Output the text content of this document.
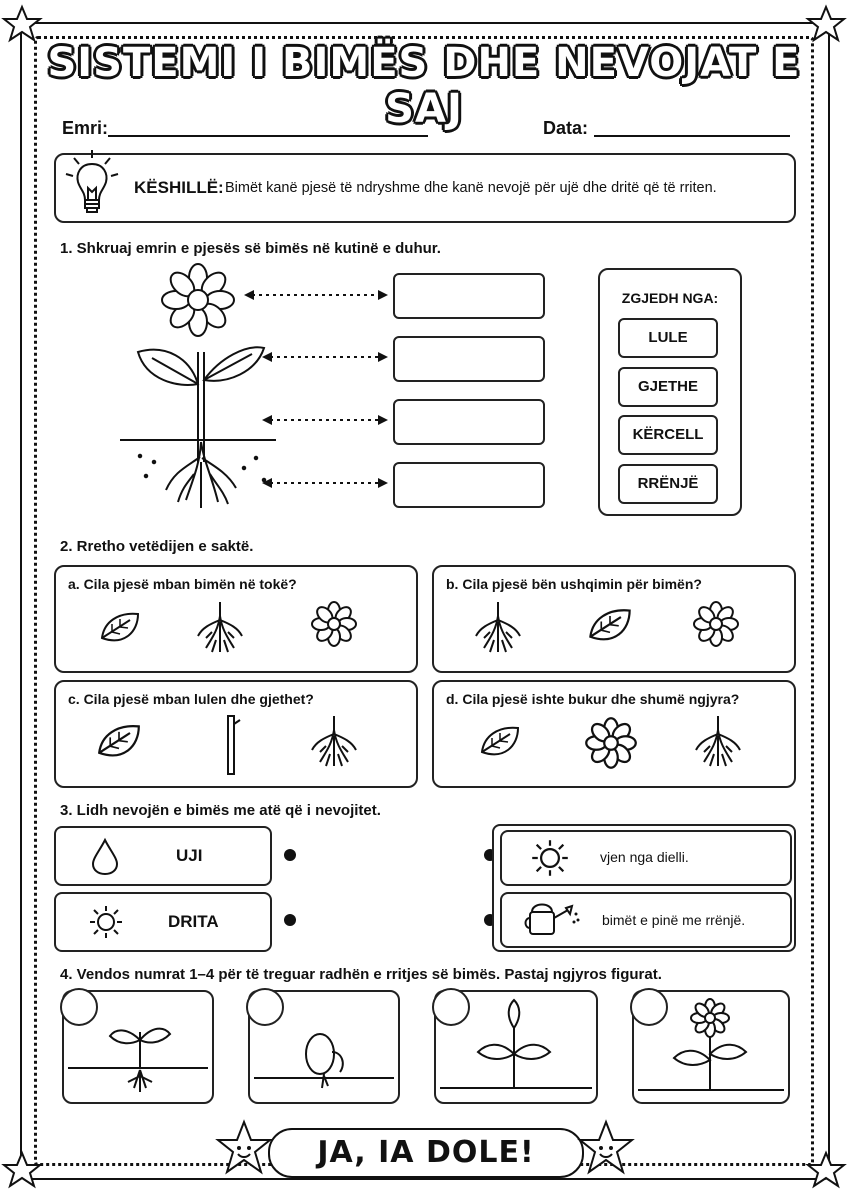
SISTEMI I BIMËS DHE NEVOJAT E SAJ
Emri:	Data:
KËSHILLË: Bimët kanë pjesë të ndryshme dhe kanë nevojë për ujë dhe dritë që të rriten.
1. Shkruaj emrin e pjesës së bimës në kutinë e duhur.
ZGJEDH NGA:
LULE
GJETHE
KËRCELL
RRËNJË
2. Rretho vetëdijen e saktë.
a. Cila pjesë mban bimën në tokë?	b. Cila pjesë bën ushqimin për bimën?
c. Cila pjesë mban lulen dhe gjethet?	d. Cila pjesë ishte bukur dhe shumë ngjyra?
3. Lidh nevojën e bimës me atë që i nevojitet.
UJI
DRITA
vjen nga dielli.
bimët e pinë me rrënjë.
4. Vendos numrat 1–4 për të treguar radhën e rritjes së bimës. Pastaj ngjyros figurat.
JA, IA DOLE!
